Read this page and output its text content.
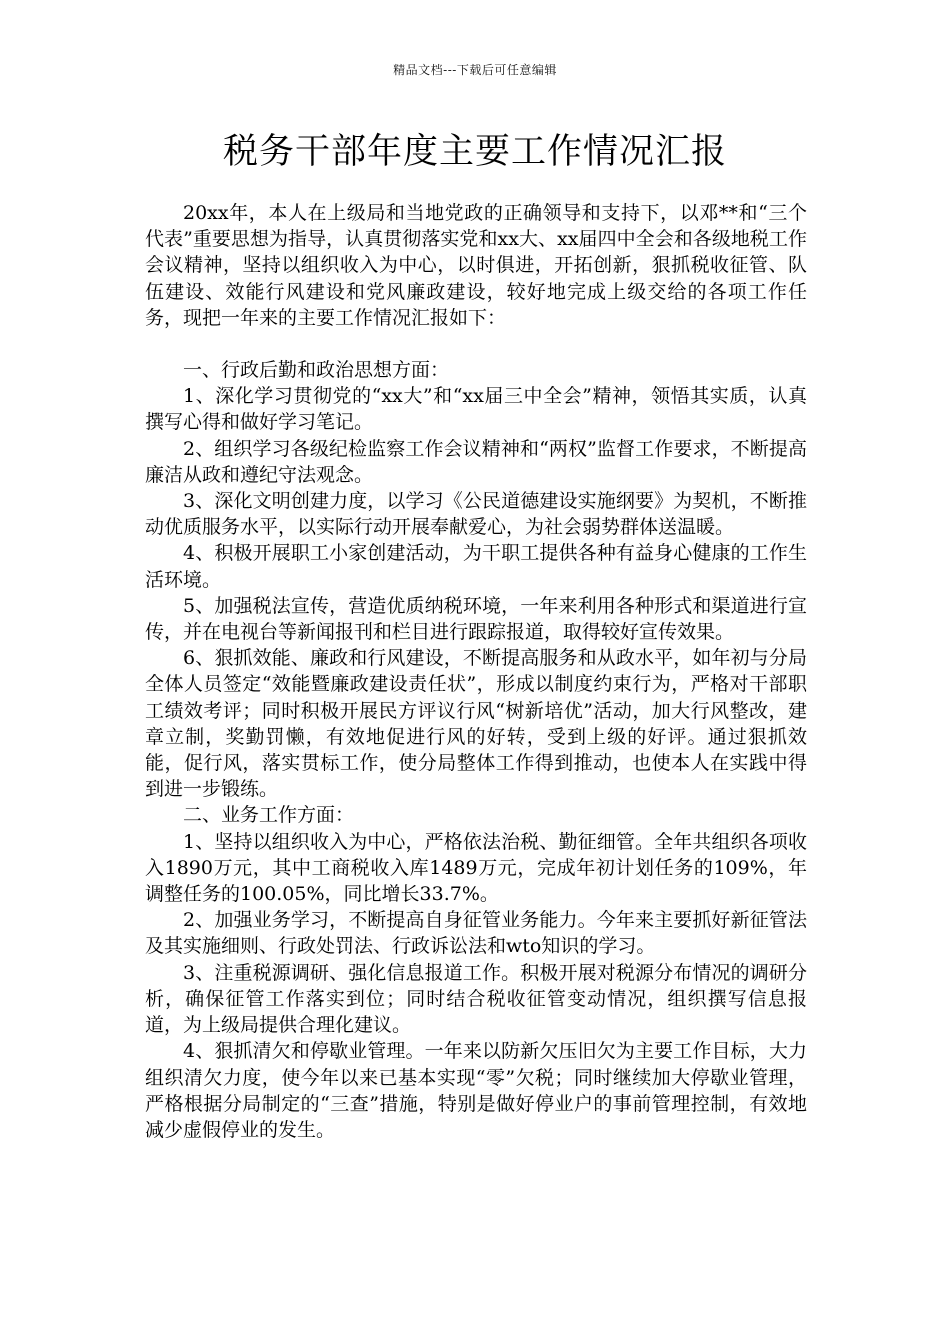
精品文档---下载后可任意编辑
税务干部年度主要工作情况汇报

20xx年，本人在上级局和当地党政的正确领导和支持下，以邓**和“三个代表”重要思想为指导，认真贯彻落实党和xx大、xx届四中全会和各级地税工作会议精神，坚持以组织收入为中心，以时俱进，开拓创新，狠抓税收征管、队伍建设、效能行风建设和党风廉政建设，较好地完成上级交给的各项工作任务，现把一年来的主要工作情况汇报如下：

一、行政后勤和政治思想方面：

1、深化学习贯彻党的“xx大”和“xx届三中全会”精神，领悟其实质，认真撰写心得和做好学习笔记。

2、组织学习各级纪检监察工作会议精神和“两权”监督工作要求，不断提高廉洁从政和遵纪守法观念。

3、深化文明创建力度，以学习《公民道德建设实施纲要》为契机，不断推动优质服务水平，以实际行动开展奉献爱心，为社会弱势群体送温暖。

4、积极开展职工小家创建活动，为干职工提供各种有益身心健康的工作生活环境。

5、加强税法宣传，营造优质纳税环境，一年来利用各种形式和渠道进行宣传，并在电视台等新闻报刊和栏目进行跟踪报道，取得较好宣传效果。

6、狠抓效能、廉政和行风建设，不断提高服务和从政水平，如年初与分局全体人员签定“效能暨廉政建设责任状”，形成以制度约束行为，严格对干部职工绩效考评；同时积极开展民方评议行风“树新培优”活动，加大行风整改，建章立制，奖勤罚懒，有效地促进行风的好转，受到上级的好评。通过狠抓效能，促行风，落实贯标工作，使分局整体工作得到推动，也使本人在实践中得到进一步锻练。

二、业务工作方面：

1、坚持以组织收入为中心，严格依法治税、勤征细管。全年共组织各项收入1890万元，其中工商税收入库1489万元，完成年初计划任务的109%，年调整任务的100.05%，同比增长33.7%。

2、加强业务学习，不断提高自身征管业务能力。今年来主要抓好新征管法及其实施细则、行政处罚法、行政诉讼法和wto知识的学习。

3、注重税源调研、强化信息报道工作。积极开展对税源分布情况的调研分析，确保征管工作落实到位；同时结合税收征管变动情况，组织撰写信息报道，为上级局提供合理化建议。

4、狠抓清欠和停歇业管理。一年来以防新欠压旧欠为主要工作目标，大力组织清欠力度，使今年以来已基本实现“零”欠税；同时继续加大停歇业管理，严格根据分局制定的“三查”措施，特别是做好停业户的事前管理控制，有效地减少虚假停业的发生。
